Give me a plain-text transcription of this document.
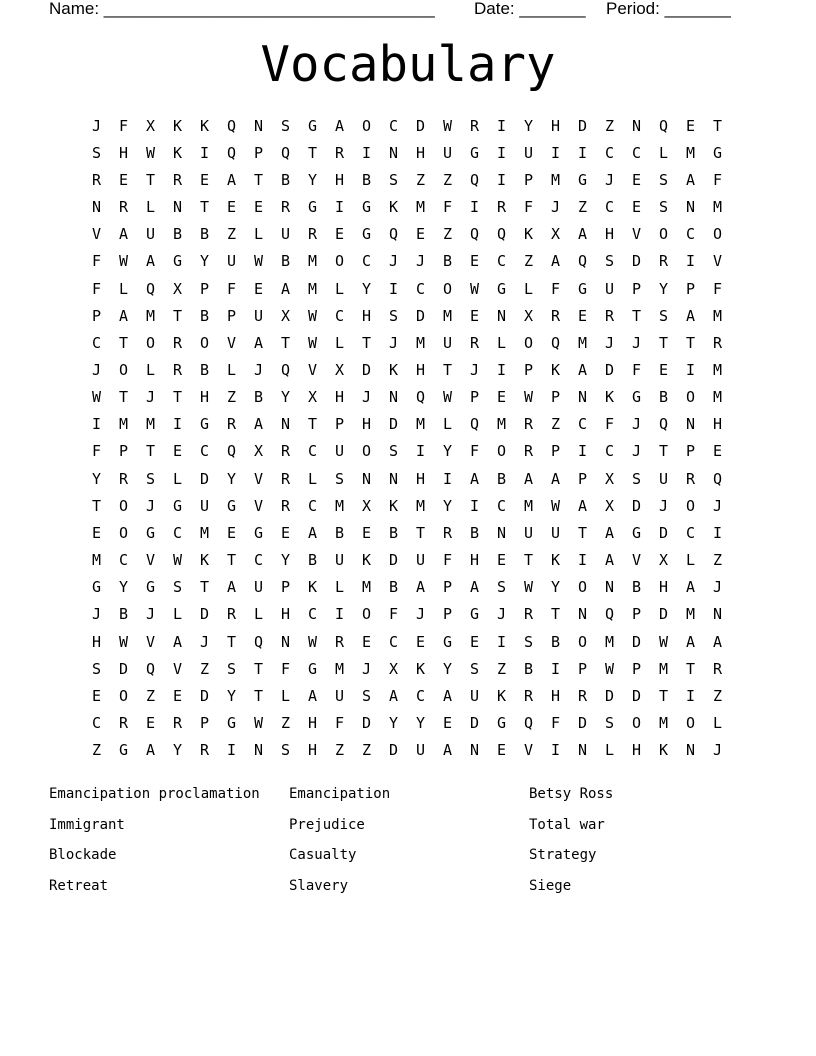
Name: ___________________________________ Date: _______ Period: _______
Vocabulary
J	F	X	K	K	Q	N	S	G	A	O	C	D	W	R	I	Y	H	D	Z	N	Q	E	T
S	H	W	K	I	Q	P	Q	T	R	I	N	H	U	G	I	U	I	I	C	C	L	M	G
R	E	T	R	E	A	T	B	Y	H	B	S	Z	Z	Q	I	P	M	G	J	E	S	A	F
N	R	L	N	T	E	E	R	G	I	G	K	M	F	I	R	F	J	Z	C	E	S	N	M
V	A	U	B	B	Z	L	U	R	E	G	Q	E	Z	Q	Q	K	X	A	H	V	O	C	O
F	W	A	G	Y	U	W	B	M	O	C	J	J	B	E	C	Z	A	Q	S	D	R	I	V
F	L	Q	X	P	F	E	A	M	L	Y	I	C	O	W	G	L	F	G	U	P	Y	P	F
P	A	M	T	B	P	U	X	W	C	H	S	D	M	E	N	X	R	E	R	T	S	A	M
C	T	O	R	O	V	A	T	W	L	T	J	M	U	R	L	O	Q	M	J	J	T	T	R
J	O	L	R	B	L	J	Q	V	X	D	K	H	T	J	I	P	K	A	D	F	E	I	M
W	T	J	T	H	Z	B	Y	X	H	J	N	Q	W	P	E	W	P	N	K	G	B	O	M
I	M	M	I	G	R	A	N	T	P	H	D	M	L	Q	M	R	Z	C	F	J	Q	N	H
F	P	T	E	C	Q	X	R	C	U	O	S	I	Y	F	O	R	P	I	C	J	T	P	E
Y	R	S	L	D	Y	V	R	L	S	N	N	H	I	A	B	A	A	P	X	S	U	R	Q
T	O	J	G	U	G	V	R	C	M	X	K	M	Y	I	C	M	W	A	X	D	J	O	J
E	O	G	C	M	E	G	E	A	B	E	B	T	R	B	N	U	U	T	A	G	D	C	I
M	C	V	W	K	T	C	Y	B	U	K	D	U	F	H	E	T	K	I	A	V	X	L	Z
G	Y	G	S	T	A	U	P	K	L	M	B	A	P	A	S	W	Y	O	N	B	H	A	J
J	B	J	L	D	R	L	H	C	I	O	F	J	P	G	J	R	T	N	Q	P	D	M	N
H	W	V	A	J	T	Q	N	W	R	E	C	E	G	E	I	S	B	O	M	D	W	A	A
S	D	Q	V	Z	S	T	F	G	M	J	X	K	Y	S	Z	B	I	P	W	P	M	T	R
E	O	Z	E	D	Y	T	L	A	U	S	A	C	A	U	K	R	H	R	D	D	T	I	Z
C	R	E	R	P	G	W	Z	H	F	D	Y	Y	E	D	G	Q	F	D	S	O	M	O	L
Z	G	A	Y	R	I	N	S	H	Z	Z	D	U	A	N	E	V	I	N	L	H	K	N	J
Emancipation proclamation	Emancipation	Betsy Ross
Immigrant	Prejudice	Total war
Blockade	Casualty	Strategy
Retreat	Slavery	Siege
